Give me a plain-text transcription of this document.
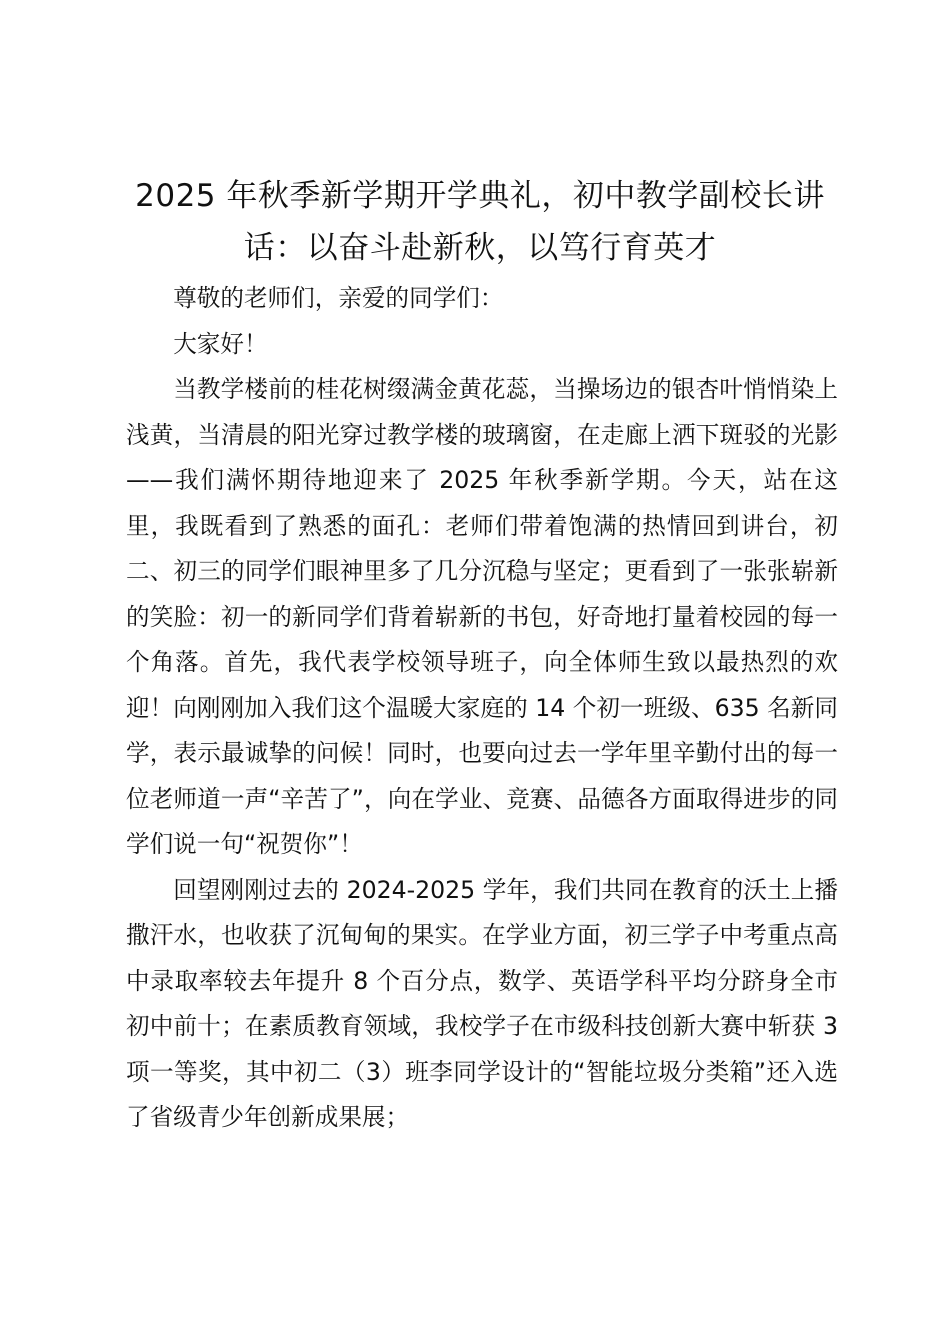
2025 年秋季新学期开学典礼，初中教学副校长讲话：以奋斗赴新秋，以笃行育英才

尊敬的老师们，亲爱的同学们：

大家好！

当教学楼前的桂花树缀满金黄花蕊，当操场边的银杏叶悄悄染上浅黄，当清晨的阳光穿过教学楼的玻璃窗，在走廊上洒下斑驳的光影——我们满怀期待地迎来了 2025 年秋季新学期。今天，站在这里，我既看到了熟悉的面孔：老师们带着饱满的热情回到讲台，初二、初三的同学们眼神里多了几分沉稳与坚定；更看到了一张张崭新的笑脸：初一的新同学们背着崭新的书包，好奇地打量着校园的每一个角落。首先，我代表学校领导班子，向全体师生致以最热烈的欢迎！向刚刚加入我们这个温暖大家庭的 14 个初一班级、635 名新同学，表示最诚挚的问候！同时，也要向过去一学年里辛勤付出的每一位老师道一声“辛苦了”，向在学业、竞赛、品德各方面取得进步的同学们说一句“祝贺你”！

回望刚刚过去的 2024-2025 学年，我们共同在教育的沃土上播撒汗水，也收获了沉甸甸的果实。在学业方面，初三学子中考重点高中录取率较去年提升 8 个百分点，数学、英语学科平均分跻身全市初中前十；在素质教育领域，我校学子在市级科技创新大赛中斩获 3 项一等奖，其中初二（3）班李同学设计的“智能垃圾分类箱”还入选了省级青少年创新成果展；
